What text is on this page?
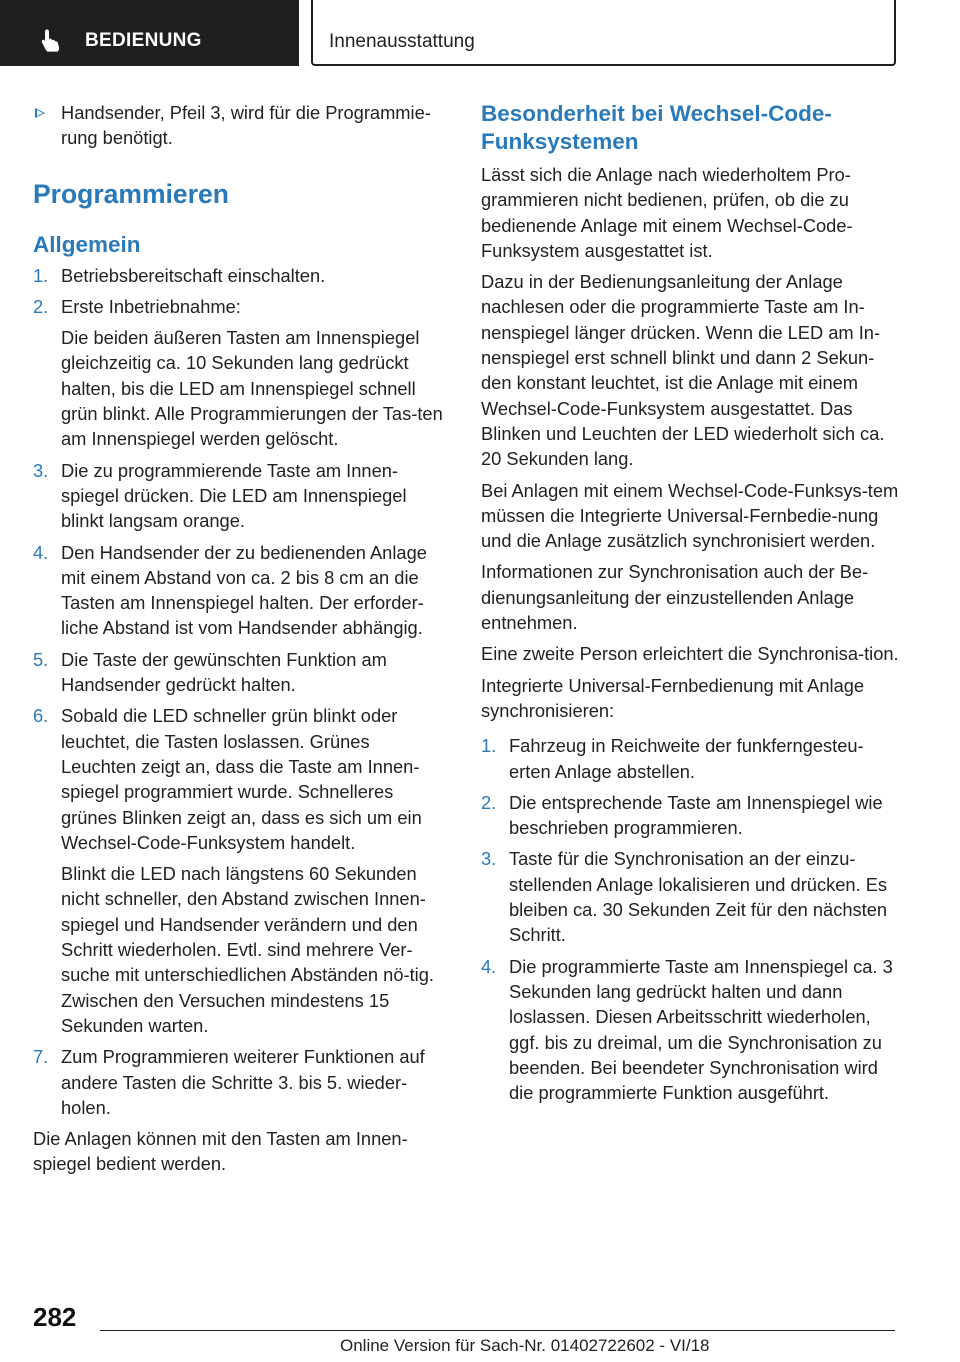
BEDIENUNG	Innenausstattung
Handsender, Pfeil 3, wird für die Programmie-rung benötigt.
Programmieren
Allgemein
1. Betriebsbereitschaft einschalten.
2. Erste Inbetriebnahme:
Die beiden äußeren Tasten am Innenspiegel gleichzeitig ca. 10 Sekunden lang gedrückt halten, bis die LED am Innenspiegel schnell grün blinkt. Alle Programmierungen der Tas-ten am Innenspiegel werden gelöscht.
3. Die zu programmierende Taste am Innen-spiegel drücken. Die LED am Innenspiegel blinkt langsam orange.
4. Den Handsender der zu bedienenden Anlage mit einem Abstand von ca. 2 bis 8 cm an die Tasten am Innenspiegel halten. Der erforder-liche Abstand ist vom Handsender abhängig.
5. Die Taste der gewünschten Funktion am Handsender gedrückt halten.
6. Sobald die LED schneller grün blinkt oder leuchtet, die Tasten loslassen. Grünes Leuchten zeigt an, dass die Taste am Innen-spiegel programmiert wurde. Schnelleres grünes Blinken zeigt an, dass es sich um ein Wechsel-Code-Funksystem handelt.
Blinkt die LED nach längstens 60 Sekunden nicht schneller, den Abstand zwischen Innen-spiegel und Handsender verändern und den Schritt wiederholen. Evtl. sind mehrere Ver-suche mit unterschiedlichen Abständen nö-tig. Zwischen den Versuchen mindestens 15 Sekunden warten.
7. Zum Programmieren weiterer Funktionen auf andere Tasten die Schritte 3. bis 5. wieder-holen.

Die Anlagen können mit den Tasten am Innen-spiegel bedient werden.

Besonderheit bei Wechsel-Code-Funksystemen

Lässt sich die Anlage nach wiederholtem Pro-grammieren nicht bedienen, prüfen, ob die zu bedienende Anlage mit einem Wechsel-Code-Funksystem ausgestattet ist.

Dazu in der Bedienungsanleitung der Anlage nachlesen oder die programmierte Taste am In-nenspiegel länger drücken. Wenn die LED am In-nenspiegel erst schnell blinkt und dann 2 Sekun-den konstant leuchtet, ist die Anlage mit einem Wechsel-Code-Funksystem ausgestattet. Das Blinken und Leuchten der LED wiederholt sich ca. 20 Sekunden lang.

Bei Anlagen mit einem Wechsel-Code-Funksys-tem müssen die Integrierte Universal-Fernbedie-nung und die Anlage zusätzlich synchronisiert werden.

Informationen zur Synchronisation auch der Be-dienungsanleitung der einzustellenden Anlage entnehmen.

Eine zweite Person erleichtert die Synchronisa-tion.

Integrierte Universal-Fernbedienung mit Anlage synchronisieren:

1. Fahrzeug in Reichweite der funkferngesteu-erten Anlage abstellen.
2. Die entsprechende Taste am Innenspiegel wie beschrieben programmieren.
3. Taste für die Synchronisation an der einzu-stellenden Anlage lokalisieren und drücken. Es bleiben ca. 30 Sekunden Zeit für den nächsten Schritt.
4. Die programmierte Taste am Innenspiegel ca. 3 Sekunden lang gedrückt halten und dann loslassen. Diesen Arbeitsschritt wiederholen, ggf. bis zu dreimal, um die Synchronisation zu beenden. Bei beendeter Synchronisation wird die programmierte Funktion ausgeführt.
282
Online Version für Sach-Nr. 01402722602 - VI/18
